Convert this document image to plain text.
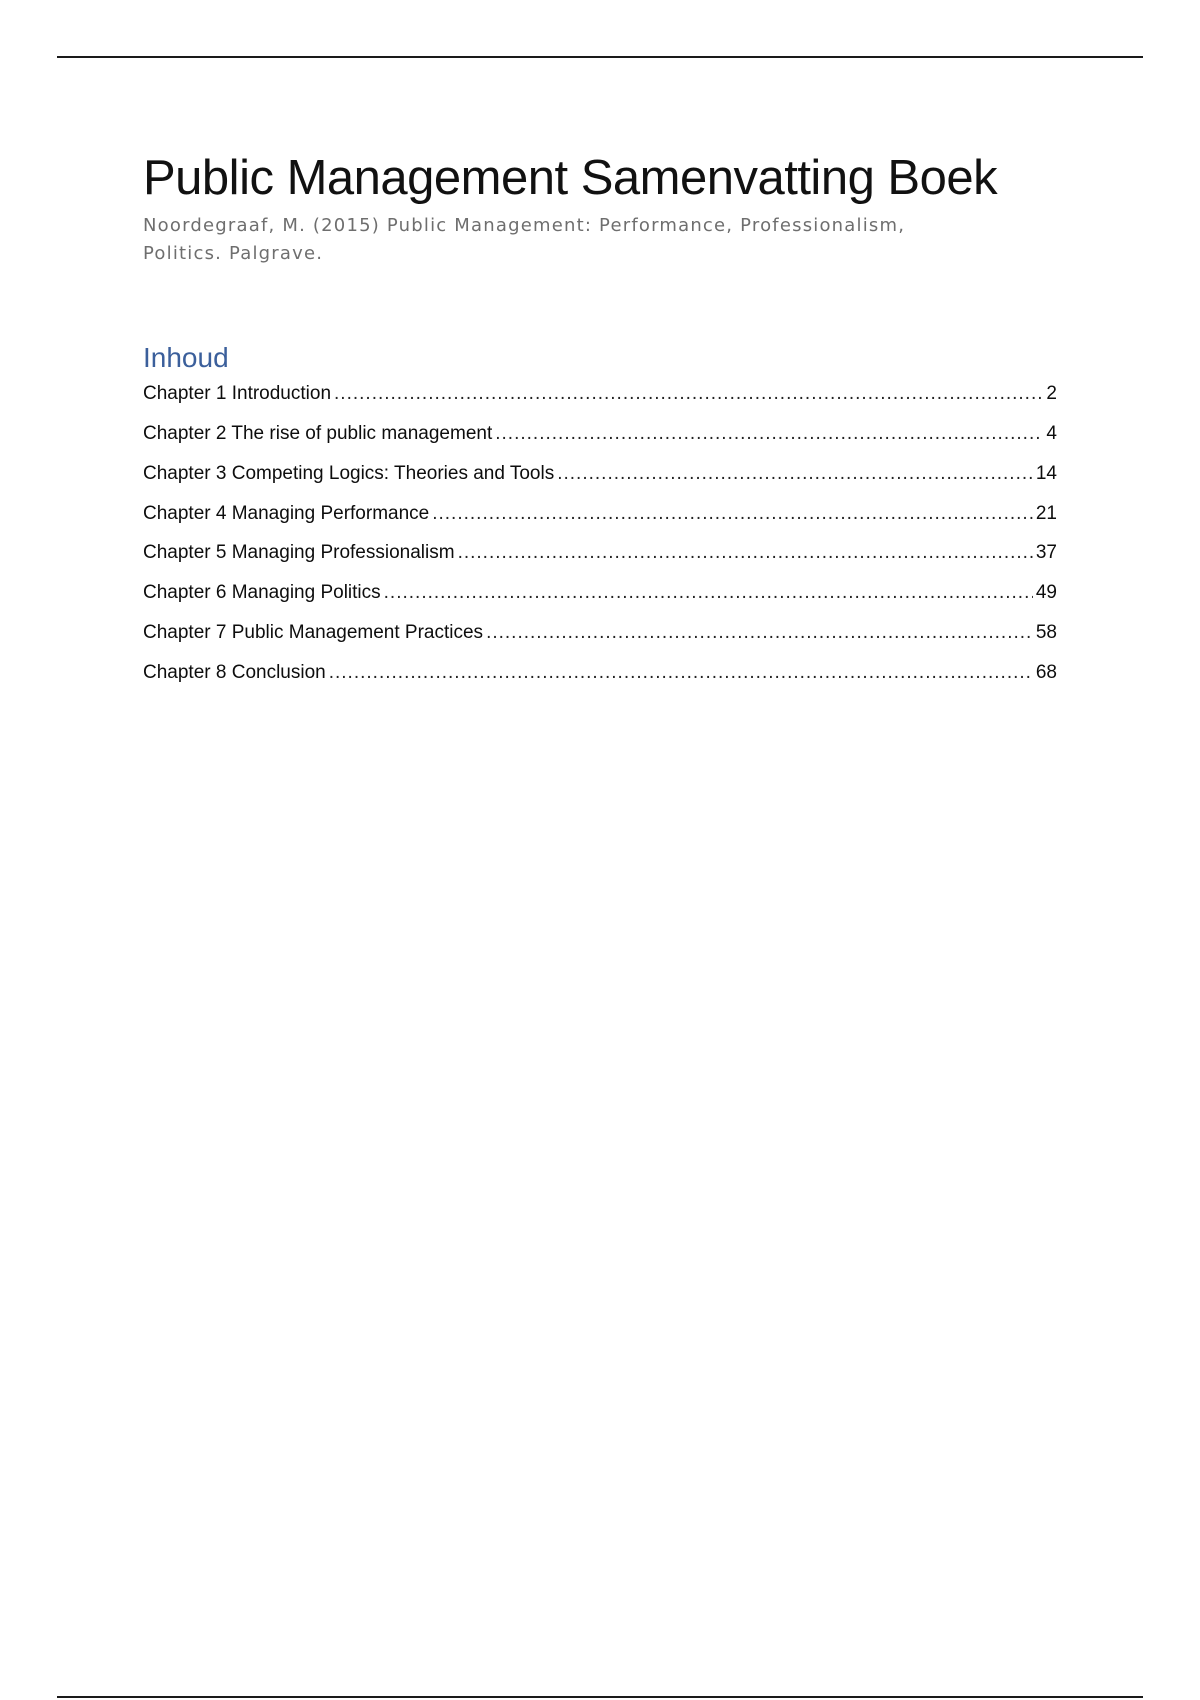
Public Management Samenvatting Boek

Noordegraaf, M. (2015) Public Management: Performance, Professionalism, Politics. Palgrave.

Inhoud
Chapter 1 Introduction .....	2
Chapter 2 The rise of public management .....	4
Chapter 3 Competing Logics: Theories and Tools .....	14
Chapter 4 Managing Performance .....	21
Chapter 5 Managing Professionalism .....	37
Chapter 6 Managing Politics .....	49
Chapter 7 Public Management Practices .....	58
Chapter 8 Conclusion .....	68
